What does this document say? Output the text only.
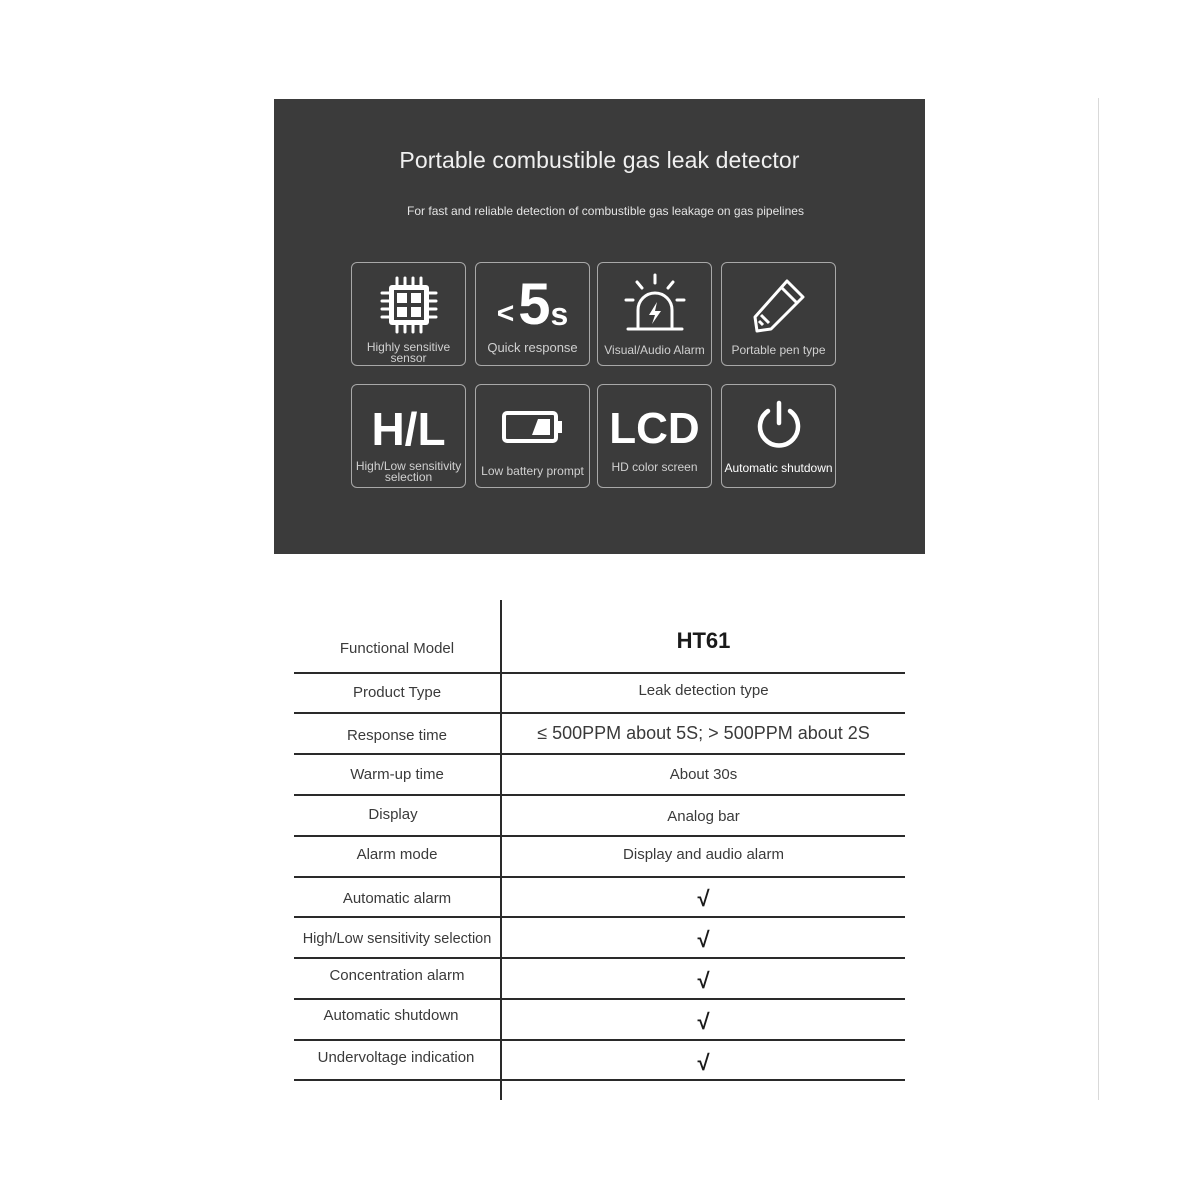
Portable combustible gas leak detector
For fast and reliable detection of combustible gas leakage on gas pipelines
Highly sensitive sensor
< 5 s
Quick response	Visual/Audio Alarm	Portable pen type
H/L
High/Low sensitivity selection	Low battery prompt
LCD
HD color screen	Automatic shutdown
Functional Model	HT61
Product Type	Leak detection type
Response time	≤ 500PPM about 5S; > 500PPM about 2S
Warm-up time	About 30s
Display	Analog bar
Alarm mode	Display and audio alarm
Automatic alarm	√
High/Low sensitivity selection	√
Concentration alarm	√
Automatic shutdown	√
Undervoltage indication	√
